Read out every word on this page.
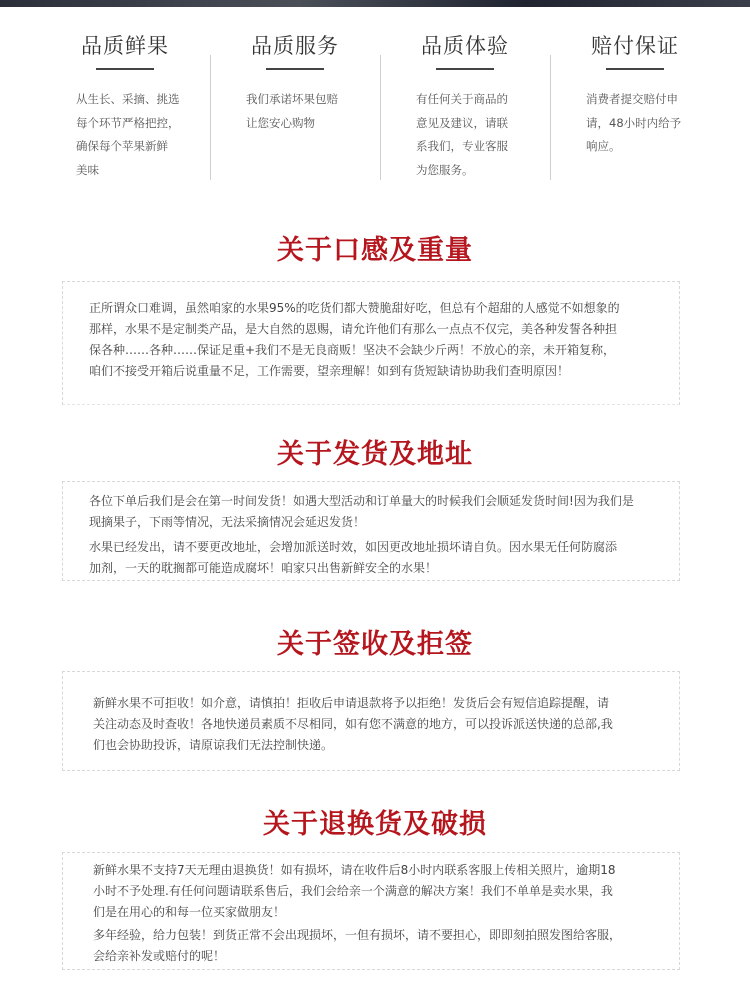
品质鲜果
从生长、采摘、挑选
每个环节严格把控，
确保每个苹果新鲜
美味
品质服务
我们承诺坏果包赔
让您安心购物
品质体验
有任何关于商品的
意见及建议，请联
系我们，专业客服
为您服务。
赔付保证
消费者提交赔付申
请，48小时内给予
响应。
关于口感及重量

正所谓众口难调，虽然咱家的水果95%的吃货们都大赞脆甜好吃，但总有个超甜的人感觉不如想象的
那样，水果不是定制类产品，是大自然的恩赐，请允许他们有那么一点点不仅完，美各种发誓各种担
保各种……各种……保证足重+我们不是无良商贩！坚决不会缺少斤两！不放心的亲，未开箱复称，
咱们不接受开箱后说重量不足，工作需要，望亲理解！如到有货短缺请协助我们查明原因！

关于发货及地址

各位下单后我们是会在第一时间发货！如遇大型活动和订单量大的时候我们会顺延发货时间!因为我们是
现摘果子，下雨等情况，无法采摘情况会延迟发货！

水果已经发出，请不要更改地址，会增加派送时效，如因更改地址损坏请自负。因水果无任何防腐添
加剂，一天的耽搁都可能造成腐坏！咱家只出售新鲜安全的水果！

关于签收及拒签

新鲜水果不可拒收！如介意，请慎拍！拒收后申请退款将予以拒绝！发货后会有短信追踪提醒，请
关注动态及时查收！各地快递员素质不尽相同，如有您不满意的地方，可以投诉派送快递的总部,我
们也会协助投诉，请原谅我们无法控制快递。

关于退换货及破损

新鲜水果不支持7天无理由退换货！如有损坏，请在收件后8小时内联系客服上传相关照片，逾期18
小时不予处理.有任何问题请联系售后，我们会给亲一个满意的解决方案！我们不单单是卖水果，我
们是在用心的和每一位买家做朋友！

多年经验，给力包装！到货正常不会出现损坏，一但有损坏，请不要担心，即即刻拍照发图给客服，
会给亲补发或赔付的呢！
